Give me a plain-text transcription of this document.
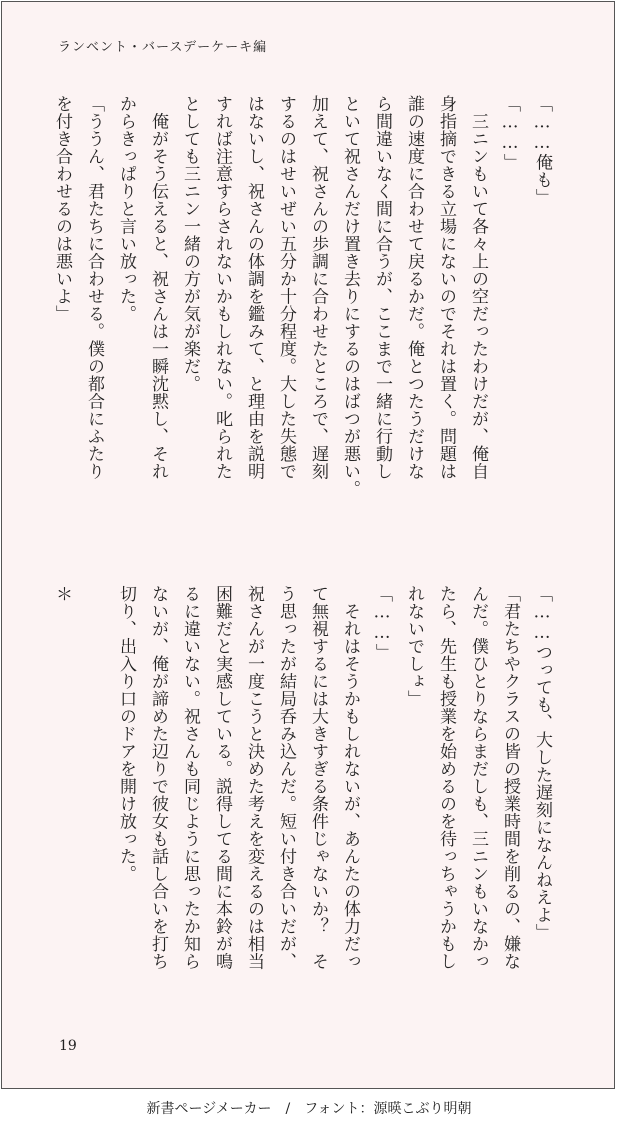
ランベント・バースデーケーキ編

「……俺も」

「……」

　三ニンもいて各々上の空だったわけだが、俺自

身指摘できる立場にないのでそれは置く。問題は

誰の速度に合わせて戻るかだ。俺とつたうだけな

ら間違いなく間に合うが、ここまで一緒に行動し

といて祝さんだけ置き去りにするのはばつが悪い。

加えて、祝さんの歩調に合わせたところで、遅刻

するのはせいぜい五分か十分程度。大した失態で

はないし、祝さんの体調を鑑みて、と理由を説明

すれば注意すらされないかもしれない。叱られた

としても三ニン一緒の方が気が楽だ。

　俺がそう伝えると、祝さんは一瞬沈黙し、それ

からきっぱりと言い放った。

「ううん、君たちに合わせる。僕の都合にふたり

を付き合わせるのは悪いよ」

「……つっても、大した遅刻になんねえよ」

「君たちやクラスの皆の授業時間を削るの、嫌な

んだ。僕ひとりならまだしも、三ニンもいなかっ

たら、先生も授業を始めるのを待っちゃうかもし

れないでしょ」

「……」

　それはそうかもしれないが、あんたの体力だっ

て無視するには大きすぎる条件じゃないか？　そ

う思ったが結局呑み込んだ。短い付き合いだが、

祝さんが一度こうと決めた考えを変えるのは相当

困難だと実感している。説得してる間に本鈴が鳴

るに違いない。祝さんも同じように思ったか知ら

ないが、俺が諦めた辺りで彼女も話し合いを打ち

切り、出入り口のドアを開け放った。

＊

19
新書ページメーカー　/　フォント：源暎こぶり明朝
